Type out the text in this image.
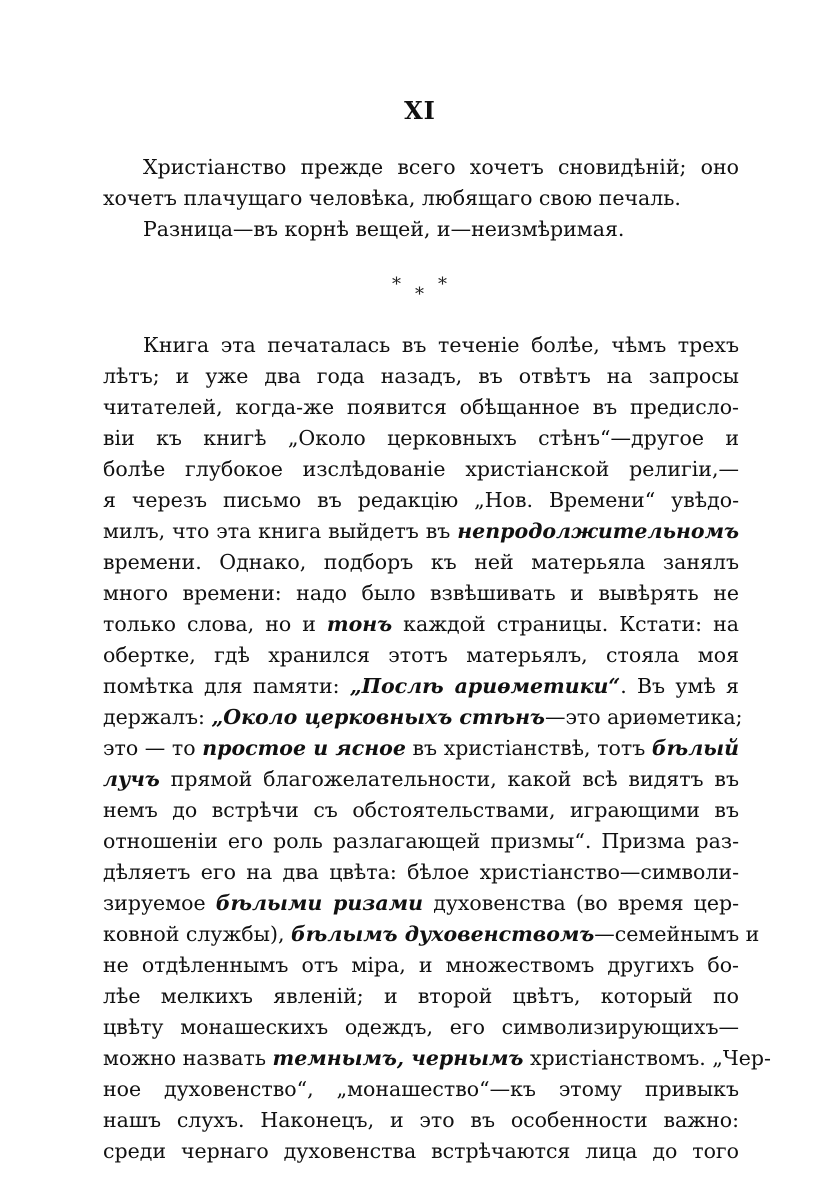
XI
Христіанство прежде всего хочетъ сновидѣній; оно
хочетъ плачущаго человѣка, любящаго свою печаль.
Разница—въ корнѣ вещей, и—неизмѣримая.
* *
*
Книга эта печаталась въ теченіе болѣе, чѣмъ трехъ
лѣтъ; и уже два года назадъ, въ отвѣтъ на запросы
читателей, когда-же появится обѣщанное въ предисло-
віи къ книгѣ „Около церковныхъ стѣнъ“—другое и
болѣе глубокое изслѣдованіе христіанской религіи,—
я черезъ письмо въ редакцію „Нов. Времени“ увѣдо-
милъ, что эта книга выйдетъ въ непродолжительномъ
времени. Однако, подборъ къ ней матерьяла занялъ
много времени: надо было взвѣшивать и вывѣрять не
только слова, но и тонъ каждой страницы. Кстати: на
обертке, гдѣ хранился этотъ матерьялъ, стояла моя
помѣтка для памяти: „Послѣ ариѳметики“. Въ умѣ я
держалъ: „Около церковныхъ стѣнъ—это ариѳметика;
это — то простое и ясное въ христіанствѣ, тотъ бѣлый
лучъ прямой благожелательности, какой всѣ видятъ въ
немъ до встрѣчи съ обстоятельствами, играющими въ
отношеніи его роль разлагающей призмы“. Призма раз-
дѣляетъ его на два цвѣта: бѣлое христіанство—символи-
зируемое бѣлыми ризами духовенства (во время цер-
ковной службы), бѣлымъ духовенствомъ—семейнымъ и
не отдѣленнымъ отъ міра, и множествомъ другихъ бо-
лѣе мелкихъ явленій; и второй цвѣтъ, который по
цвѣту монашескихъ одеждъ, его символизирующихъ—
можно назвать темнымъ, чернымъ христіанствомъ. „Чер-
ное духовенство“, „монашество“—къ этому привыкъ
нашъ слухъ. Наконецъ, и это въ особенности важно:
среди чернаго духовенства встрѣчаются лица до того
